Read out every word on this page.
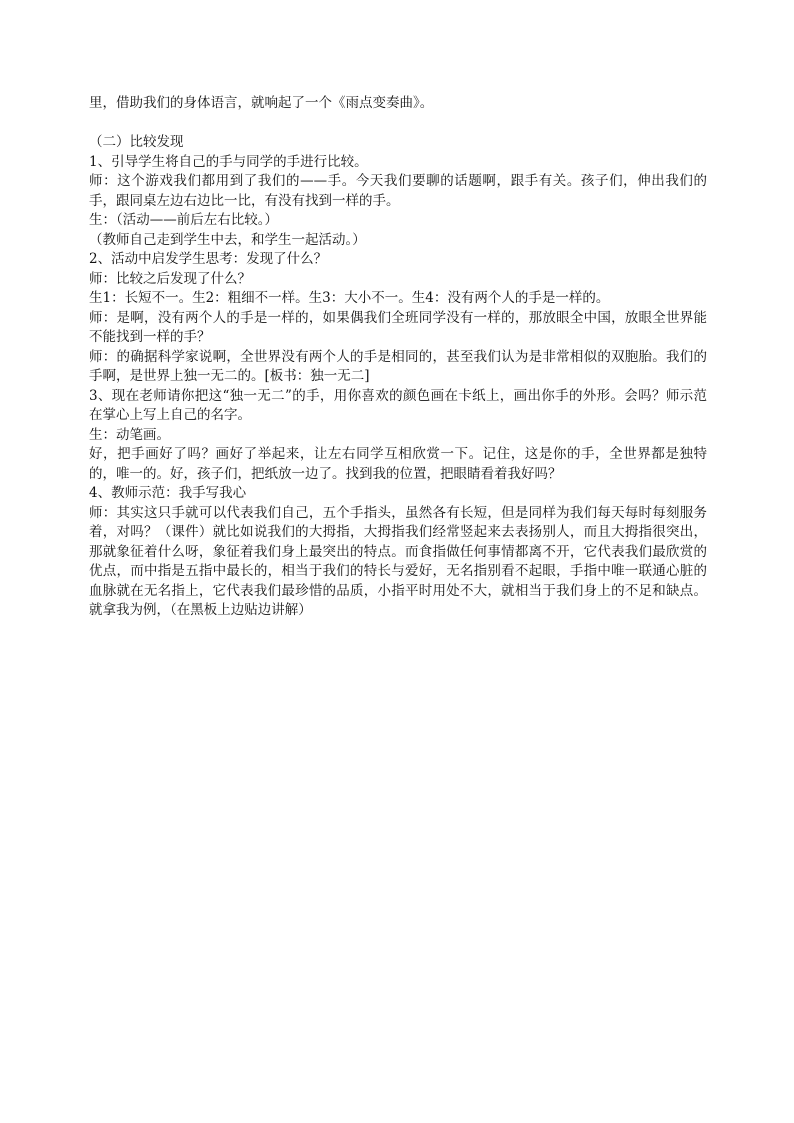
里，借助我们的身体语言，就响起了一个《雨点变奏曲》。

（二）比较发现

1、引导学生将自己的手与同学的手进行比较。

师：这个游戏我们都用到了我们的——手。今天我们要聊的话题啊，跟手有关。孩子们，伸出我们的手，跟同桌左边右边比一比，有没有找到一样的手。

生：（活动——前后左右比较。）

（教师自己走到学生中去，和学生一起活动。）

2、活动中启发学生思考：发现了什么？

师：比较之后发现了什么？

生1：长短不一。生2：粗细不一样。生3：大小不一。生4：没有两个人的手是一样的。

师：是啊，没有两个人的手是一样的，如果偶我们全班同学没有一样的，那放眼全中国，放眼全世界能不能找到一样的手？

师：的确据科学家说啊，全世界没有两个人的手是相同的，甚至我们认为是非常相似的双胞胎。我们的手啊，是世界上独一无二的。[板书：独一无二]

3、现在老师请你把这“独一无二”的手，用你喜欢的颜色画在卡纸上，画出你手的外形。会吗？师示范 在掌心上写上自己的名字。

生：动笔画。

好，把手画好了吗？画好了举起来，让左右同学互相欣赏一下。记住，这是你的手，全世界都是独特的，唯一的。好，孩子们，把纸放一边了。找到我的位置，把眼睛看着我好吗？

4、教师示范：我手写我心

师：其实这只手就可以代表我们自己，五个手指头，虽然各有长短，但是同样为我们每天每时每刻服务着，对吗？（课件）就比如说我们的大拇指，大拇指我们经常竖起来去表扬别人，而且大拇指很突出，那就象征着什么呀，象征着我们身上最突出的特点。而食指做任何事情都离不开，它代表我们最欣赏的优点，而中指是五指中最长的，相当于我们的特长与爱好，无名指别看不起眼，手指中唯一联通心脏的血脉就在无名指上，它代表我们最珍惜的品质，小指平时用处不大，就相当于我们身上的不足和缺点。就拿我为例，（在黑板上边贴边讲解）
